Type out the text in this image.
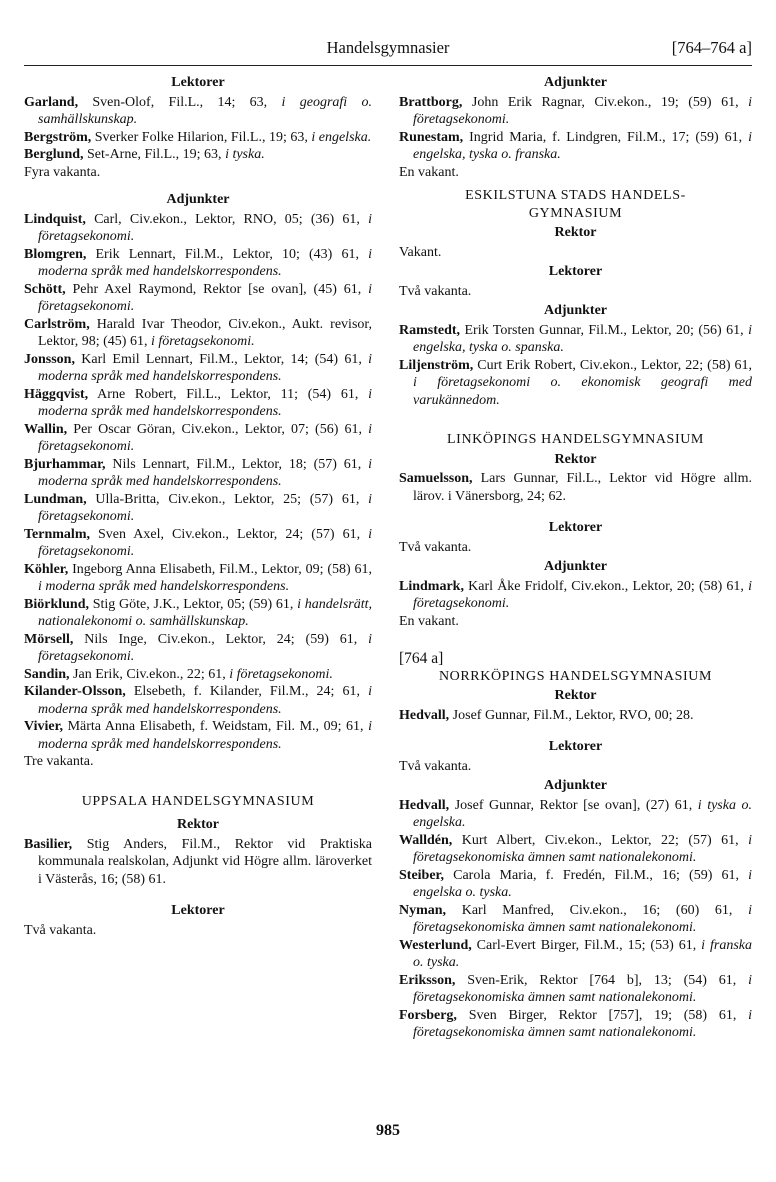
Handelsgymnasier	[764–764 a]
Lektorer

Garland, Sven-Olof, Fil.L., 14; 63, i geografi o. samhällskunskap.

Bergström, Sverker Folke Hilarion, Fil.L., 19; 63, i engelska.

Berglund, Set-Arne, Fil.L., 19; 63, i tyska.

Fyra vakanta.
Adjunkter

Lindquist, Carl, Civ.ekon., Lektor, RNO, 05; (36) 61, i företagsekonomi.

Blomgren, Erik Lennart, Fil.M., Lektor, 10; (43) 61, i moderna språk med handelskorrespondens.

Schött, Pehr Axel Raymond, Rektor [se ovan], (45) 61, i företagsekonomi.

Carlström, Harald Ivar Theodor, Civ.ekon., Aukt. revisor, Lektor, 98; (45) 61, i företagsekonomi.

Jonsson, Karl Emil Lennart, Fil.M., Lektor, 14; (54) 61, i moderna språk med handelskorrespondens.

Häggqvist, Arne Robert, Fil.L., Lektor, 11; (54) 61, i moderna språk med handelskorrespondens.

Wallin, Per Oscar Göran, Civ.ekon., Lektor, 07; (56) 61, i företagsekonomi.

Bjurhammar, Nils Lennart, Fil.M., Lektor, 18; (57) 61, i moderna språk med handelskorrespondens.

Lundman, Ulla-Britta, Civ.ekon., Lektor, 25; (57) 61, i företagsekonomi.

Ternmalm, Sven Axel, Civ.ekon., Lektor, 24; (57) 61, i företagsekonomi.

Köhler, Ingeborg Anna Elisabeth, Fil.M., Lektor, 09; (58) 61, i moderna språk med handelskorrespondens.

Biörklund, Stig Göte, J.K., Lektor, 05; (59) 61, i handelsrätt, nationalekonomi o. samhällskunskap.

Mörsell, Nils Inge, Civ.ekon., Lektor, 24; (59) 61, i företagsekonomi.

Sandin, Jan Erik, Civ.ekon., 22; 61, i företagsekonomi.

Kilander-Olsson, Elsebeth, f. Kilander, Fil.M., 24; 61, i moderna språk med handelskorrespondens.

Vivier, Märta Anna Elisabeth, f. Weidstam, Fil. M., 09; 61, i moderna språk med handelskorrespondens.

Tre vakanta.
UPPSALA HANDELSGYMNASIUM
Rektor

Basilier, Stig Anders, Fil.M., Rektor vid Praktiska kommunala realskolan, Adjunkt vid Högre allm. läroverket i Västerås, 16; (58) 61.

Lektorer
Två vakanta.
Adjunkter

Brattborg, John Erik Ragnar, Civ.ekon., 19; (59) 61, i företagsekonomi.

Runestam, Ingrid Maria, f. Lindgren, Fil.M., 17; (59) 61, i engelska, tyska o. franska.

En vakant.
ESKILSTUNA STADS HANDELS-
GYMNASIUM
Rektor
Vakant.
Lektorer
Två vakanta.
Adjunkter

Ramstedt, Erik Torsten Gunnar, Fil.M., Lektor, 20; (56) 61, i engelska, tyska o. spanska.

Liljenström, Curt Erik Robert, Civ.ekon., Lektor, 22; (58) 61, i företagsekonomi o. ekonomisk geografi med varukännedom.

LINKÖPINGS HANDELSGYMNASIUM
Rektor

Samuelsson, Lars Gunnar, Fil.L., Lektor vid Högre allm. lärov. i Vänersborg, 24; 62.

Lektorer
Två vakanta.
Adjunkter

Lindmark, Karl Åke Fridolf, Civ.ekon., Lektor, 20; (58) 61, i företagsekonomi.

En vakant.
[764 a]
NORRKÖPINGS HANDELSGYMNASIUM
Rektor

Hedvall, Josef Gunnar, Fil.M., Lektor, RVO, 00; 28.

Lektorer
Två vakanta.
Adjunkter

Hedvall, Josef Gunnar, Rektor [se ovan], (27) 61, i tyska o. engelska.

Walldén, Kurt Albert, Civ.ekon., Lektor, 22; (57) 61, i företagsekonomiska ämnen samt nationalekonomi.

Steiber, Carola Maria, f. Fredén, Fil.M., 16; (59) 61, i engelska o. tyska.

Nyman, Karl Manfred, Civ.ekon., 16; (60) 61, i företagsekonomiska ämnen samt nationalekonomi.

Westerlund, Carl-Evert Birger, Fil.M., 15; (53) 61, i franska o. tyska.

Eriksson, Sven-Erik, Rektor [764 b], 13; (54) 61, i företagsekonomiska ämnen samt nationalekonomi.

Forsberg, Sven Birger, Rektor [757], 19; (58) 61, i företagsekonomiska ämnen samt nationalekonomi.

985
